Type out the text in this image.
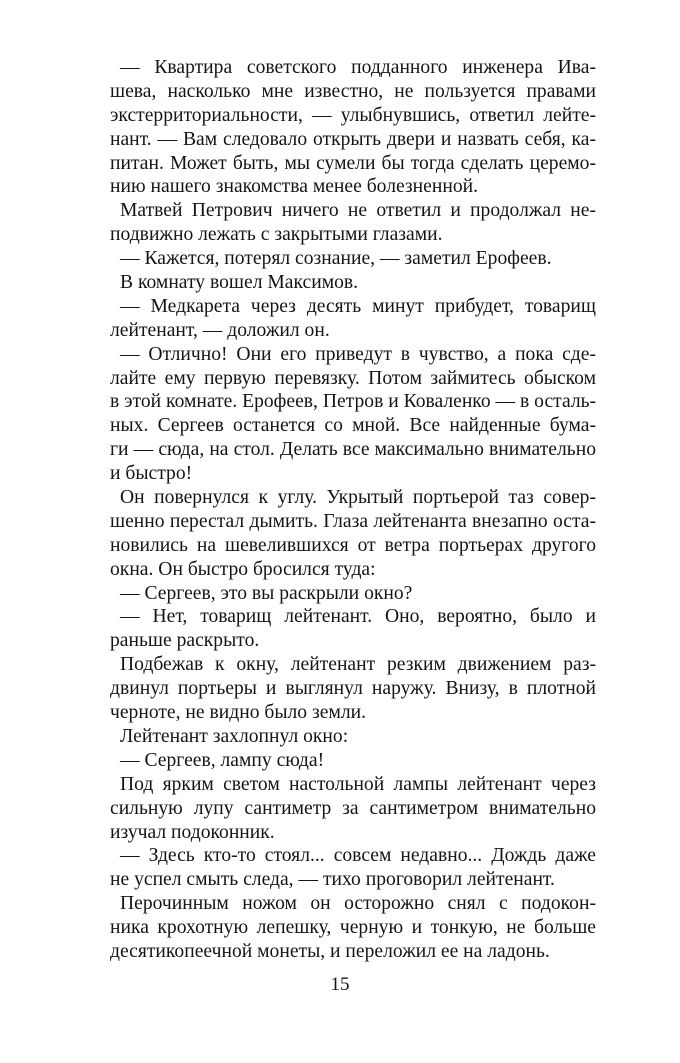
— Квартира советского подданного инженера Ива-
шева, насколько мне известно, не пользуется правами
экстерриториальности, — улыбнувшись, ответил лейте-
нант. — Вам следовало открыть двери и назвать себя, ка-
питан. Может быть, мы сумели бы тогда сделать церемо-
нию нашего знакомства менее болезненной.
Матвей Петрович ничего не ответил и продолжал не-
подвижно лежать с закрытыми глазами.
— Кажется, потерял сознание, — заметил Ерофеев.
В комнату вошел Максимов.
— Медкарета через десять минут прибудет, товарищ
лейтенант, — доложил он.
— Отлично! Они его приведут в чувство, а пока сде-
лайте ему первую перевязку. Потом займитесь обыском
в этой комнате. Ерофеев, Петров и Коваленко — в осталь-
ных. Сергеев останется со мной. Все найденные бума-
ги — сюда, на стол. Делать все максимально внимательно
и быстро!
Он повернулся к углу. Укрытый портьерой таз совер-
шенно перестал дымить. Глаза лейтенанта внезапно оста-
новились на шевелившихся от ветра портьерах другого
окна. Он быстро бросился туда:
— Сергеев, это вы раскрыли окно?
— Нет, товарищ лейтенант. Оно, вероятно, было и
раньше раскрыто.
Подбежав к окну, лейтенант резким движением раз-
двинул портьеры и выглянул наружу. Внизу, в плотной
черноте, не видно было земли.
Лейтенант захлопнул окно:
— Сергеев, лампу сюда!
Под ярким светом настольной лампы лейтенант через
сильную лупу сантиметр за сантиметром внимательно
изучал подоконник.
— Здесь кто-то стоял... совсем недавно... Дождь даже
не успел смыть следа, — тихо проговорил лейтенант.
Перочинным ножом он осторожно снял с подокон-
ника крохотную лепешку, черную и тонкую, не больше
десятикопеечной монеты, и переложил ее на ладонь.
15
